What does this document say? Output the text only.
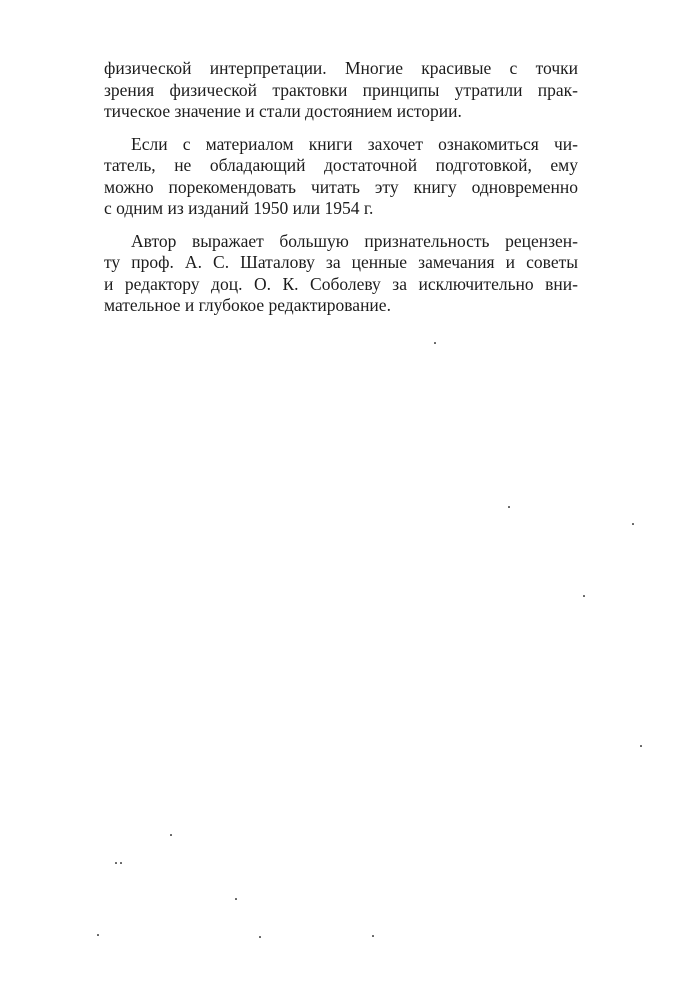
физической интерпретации. Многие красивые с точки
зрения физической трактовки принципы утратили прак-
тическое значение и стали достоянием истории.

Если с материалом книги захочет ознакомиться чи-
татель, не обладающий достаточной подготовкой, ему
можно порекомендовать читать эту книгу одновременно
с одним из изданий 1950 или 1954 г.

Автор выражает большую признательность рецензен-
ту проф. А. С. Шаталову за ценные замечания и советы
и редактору доц. О. К. Соболеву за исключительно вни-
мательное и глубокое редактирование.
